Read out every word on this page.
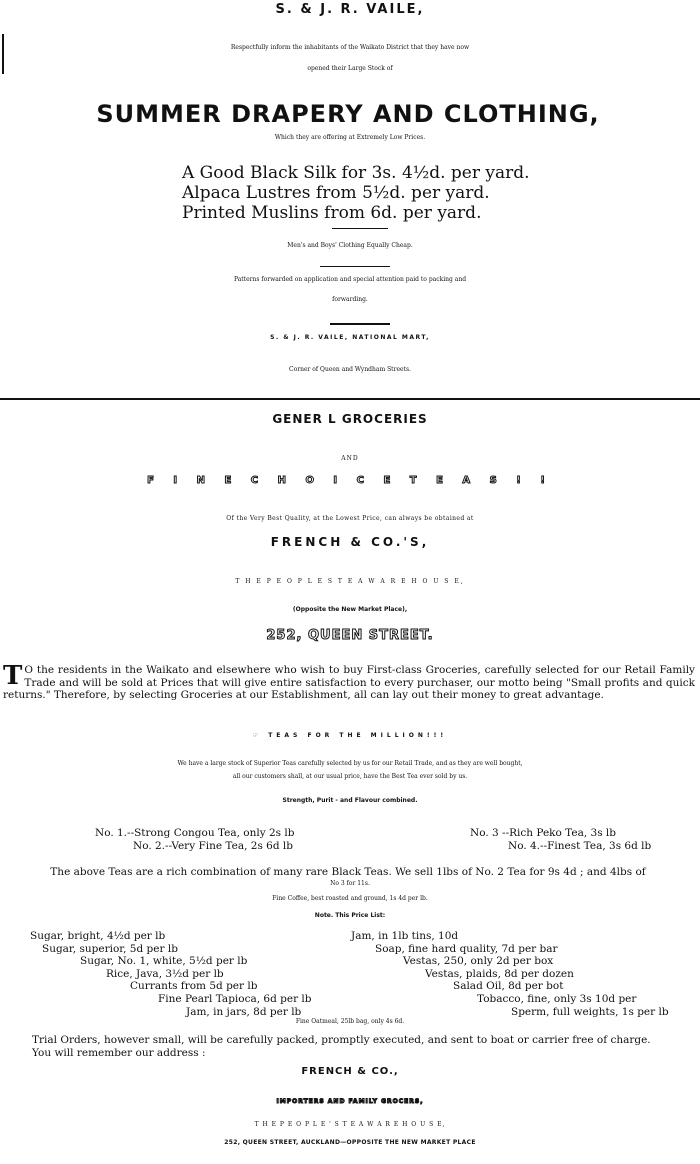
S. & J. R. VAILE,
Respectfully inform the inhabitants of the Waikato District that they have now
opened their Large Stock of
SUMMER DRAPERY AND CLOTHING,
Which they are offering at Extremely Low Prices.
A Good Black Silk for 3s. 4½d. per yard.
Alpaca Lustres from 5½d. per yard.
Printed Muslins from 6d. per yard.
Men's and Boys' Clothing Equally Cheap.
Patterns forwarded on application and special attention paid to packing and
forwarding.
S. & J. R. VAILE, NATIONAL MART,
Corner of Queen and Wyndham Streets.
GENER L GROCERIES
AND
F I N E C H O I C E T E A S ! !
Of the Very Best Quality, at the Lowest Price, can always be obtained at
FRENCH & CO.'S,
T H E P E O P L E S T E A W A R E H O U S E,
(Opposite the New Market Place),
252, QUEEN STREET.
T O the residents in the Waikato and elsewhere who wish to buy First-class Groceries, carefully selected for our Retail Family Trade and will be sold at Prices that will give entire satisfaction to every purchaser, our motto being "Small profits and quick returns." Therefore, by selecting Groceries at our Establishment, all can lay out their money to great advantage.
☞ TEAS FOR THE MILLION!!!
We have a large stock of Superior Teas carefully selected by us for our Retail Trade, and as they are well bought,
all our customers shall, at our usual price, have the Best Tea ever sold by us.
Strength, Purit - and Flavour combined.
No. 1.--Strong Congou Tea, only 2s lb
No. 2.--Very Fine Tea, 2s 6d lb
No. 3 --Rich Peko Tea, 3s lb
No. 4.--Finest Tea, 3s 6d lb
The above Teas are a rich combination of many rare Black Teas. We sell 1lbs of No. 2 Tea for 9s 4d ; and 4lbs of
No 3 for 11s.
Fine Coffee, best roasted and ground, 1s 4d per lb.
Note. This Price List:
Sugar, bright, 4½d per lb
Sugar, superior, 5d per lb
Sugar, No. 1, white, 5½d per lb
Rice, Java, 3½d per lb
Currants from 5d per lb
Fine Pearl Tapioca, 6d per lb
Jam, in jars, 8d per lb
Jam, in 1lb tins, 10d
Soap, fine hard quality, 7d per bar
Vestas, 250, only 2d per box
Vestas, plaids, 8d per dozen
Salad Oil, 8d per bot
Tobacco, fine, only 3s 10d per
Sperm, full weights, 1s per lb
Fine Oatmeal, 25lb bag, only 4s 6d.
Trial Orders, however small, will be carefully packed, promptly executed, and sent to boat or carrier free of charge.
You will remember our address :
FRENCH & CO.,
IMPORTERS AND FAMILY GROCERS,
T H E P E O P L E ' S T E A W A R E H O U S E,
252, QUEEN STREET, AUCKLAND—OPPOSITE THE NEW MARKET PLACE
